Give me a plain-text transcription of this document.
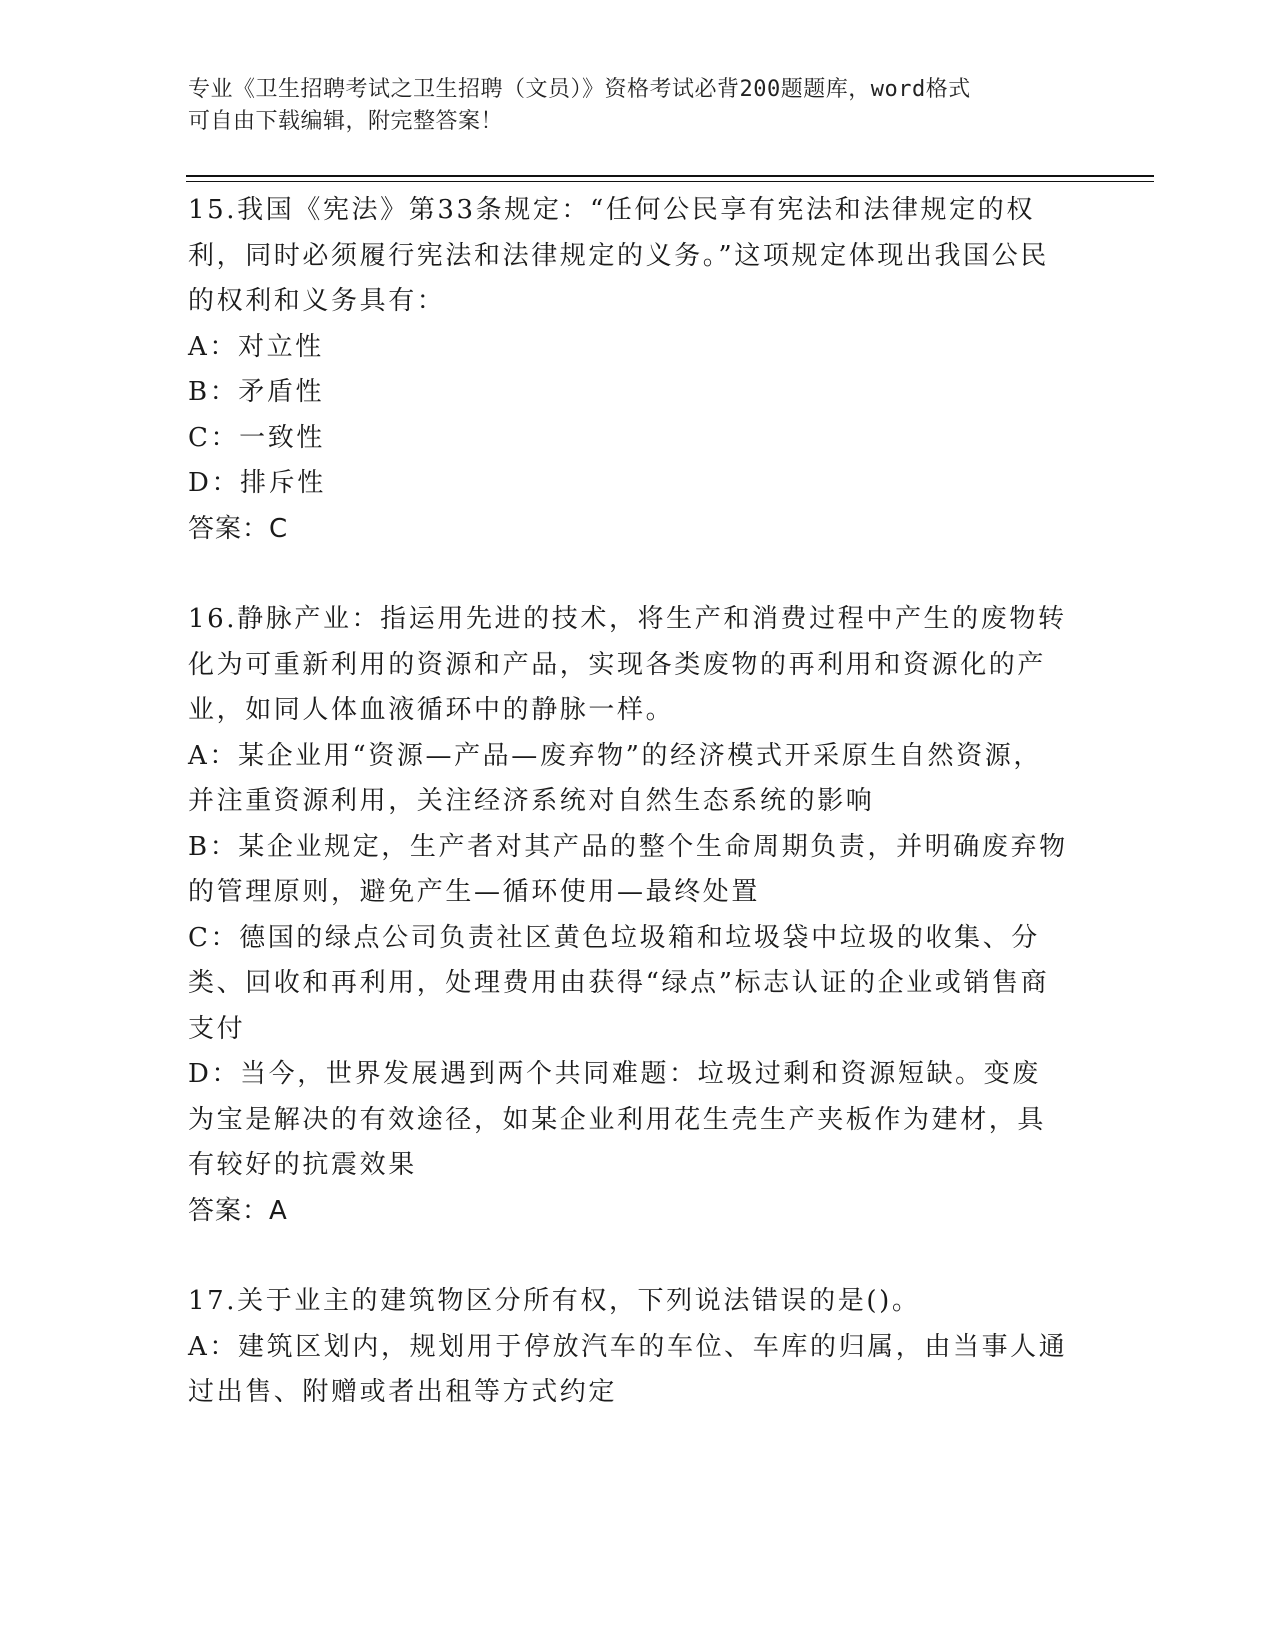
专业《卫生招聘考试之卫生招聘（文员）》资格考试必背200题题库，word格式
可自由下载编辑，附完整答案！

15.我国《宪法》第33条规定：“任何公民享有宪法和法律规定的权利，同时必须履行宪法和法律规定的义务。”这项规定体现出我国公民的权利和义务具有：

A：对立性

B：矛盾性

C：一致性

D：排斥性

答案：C

16.静脉产业：指运用先进的技术，将生产和消费过程中产生的废物转化为可重新利用的资源和产品，实现各类废物的再利用和资源化的产业，如同人体血液循环中的静脉一样。

A：某企业用“资源—产品—废弃物”的经济模式开采原生自然资源，并注重资源利用，关注经济系统对自然生态系统的影响

B：某企业规定，生产者对其产品的整个生命周期负责，并明确废弃物的管理原则，避免产生—循环使用—最终处置

C：德国的绿点公司负责社区黄色垃圾箱和垃圾袋中垃圾的收集、分类、回收和再利用，处理费用由获得“绿点”标志认证的企业或销售商支付

D：当今，世界发展遇到两个共同难题：垃圾过剩和资源短缺。变废为宝是解决的有效途径，如某企业利用花生壳生产夹板作为建材，具有较好的抗震效果

答案：A

17.关于业主的建筑物区分所有权，下列说法错误的是()。

A：建筑区划内，规划用于停放汽车的车位、车库的归属，由当事人通过出售、附赠或者出租等方式约定
